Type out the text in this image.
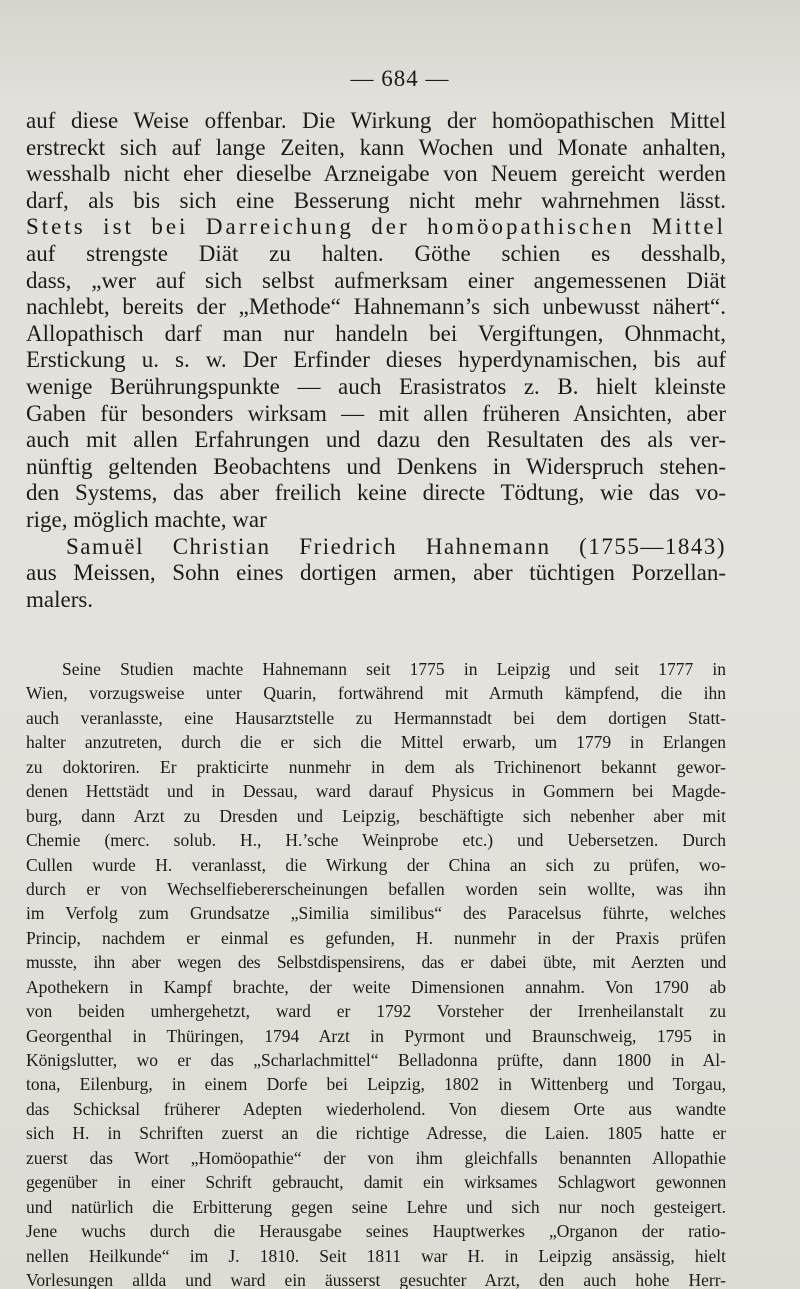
— 684 —
auf diese Weise offenbar. Die Wirkung der homöopathischen Mittel
erstreckt sich auf lange Zeiten, kann Wochen und Monate anhalten,
wesshalb nicht eher dieselbe Arzneigabe von Neuem gereicht werden
darf, als bis sich eine Besserung nicht mehr wahrnehmen lässt.
Stets ist bei Darreichung der homöopathischen Mittel
auf strengste Diät zu halten. Göthe schien es desshalb,
dass, „wer auf sich selbst aufmerksam einer angemessenen Diät
nachlebt, bereits der „Methode“ Hahnemann’s sich unbewusst nähert“.
Allopathisch darf man nur handeln bei Vergiftungen, Ohnmacht,
Erstickung u. s. w. Der Erfinder dieses hyperdynamischen, bis auf
wenige Berührungspunkte — auch Erasistratos z. B. hielt kleinste
Gaben für besonders wirksam — mit allen früheren Ansichten, aber
auch mit allen Erfahrungen und dazu den Resultaten des als ver-
nünftig geltenden Beobachtens und Denkens in Widerspruch stehen-
den Systems, das aber freilich keine directe Tödtung, wie das vo-
rige, möglich machte, war
Samuël Christian Friedrich Hahnemann (1755—1843)
aus Meissen, Sohn eines dortigen armen, aber tüchtigen Porzellan-
malers.
Seine Studien machte Hahnemann seit 1775 in Leipzig und seit 1777 in
Wien, vorzugsweise unter Quarin, fortwährend mit Armuth kämpfend, die ihn
auch veranlasste, eine Hausarztstelle zu Hermannstadt bei dem dortigen Statt-
halter anzutreten, durch die er sich die Mittel erwarb, um 1779 in Erlangen
zu doktoriren. Er prakticirte nunmehr in dem als Trichinenort bekannt gewor-
denen Hettstädt und in Dessau, ward darauf Physicus in Gommern bei Magde-
burg, dann Arzt zu Dresden und Leipzig, beschäftigte sich nebenher aber mit
Chemie (merc. solub. H., H.’sche Weinprobe etc.) und Uebersetzen. Durch
Cullen wurde H. veranlasst, die Wirkung der China an sich zu prüfen, wo-
durch er von Wechselfiebererscheinungen befallen worden sein wollte, was ihn
im Verfolg zum Grundsatze „Similia similibus“ des Paracelsus führte, welches
Princip, nachdem er einmal es gefunden, H. nunmehr in der Praxis prüfen
musste, ihn aber wegen des Selbstdispensirens, das er dabei übte, mit Aerzten und
Apothekern in Kampf brachte, der weite Dimensionen annahm. Von 1790 ab
von beiden umhergehetzt, ward er 1792 Vorsteher der Irrenheilanstalt zu
Georgenthal in Thüringen, 1794 Arzt in Pyrmont und Braunschweig, 1795 in
Königslutter, wo er das „Scharlachmittel“ Belladonna prüfte, dann 1800 in Al-
tona, Eilenburg, in einem Dorfe bei Leipzig, 1802 in Wittenberg und Torgau,
das Schicksal früherer Adepten wiederholend. Von diesem Orte aus wandte
sich H. in Schriften zuerst an die richtige Adresse, die Laien. 1805 hatte er
zuerst das Wort „Homöopathie“ der von ihm gleichfalls benannten Allopathie
gegenüber in einer Schrift gebraucht, damit ein wirksames Schlagwort gewonnen
und natürlich die Erbitterung gegen seine Lehre und sich nur noch gesteigert.
Jene wuchs durch die Herausgabe seines Hauptwerkes „Organon der ratio-
nellen Heilkunde“ im J. 1810. Seit 1811 war H. in Leipzig ansässig, hielt
Vorlesungen allda und ward ein äusserst gesuchter Arzt, den auch hohe Herr-
